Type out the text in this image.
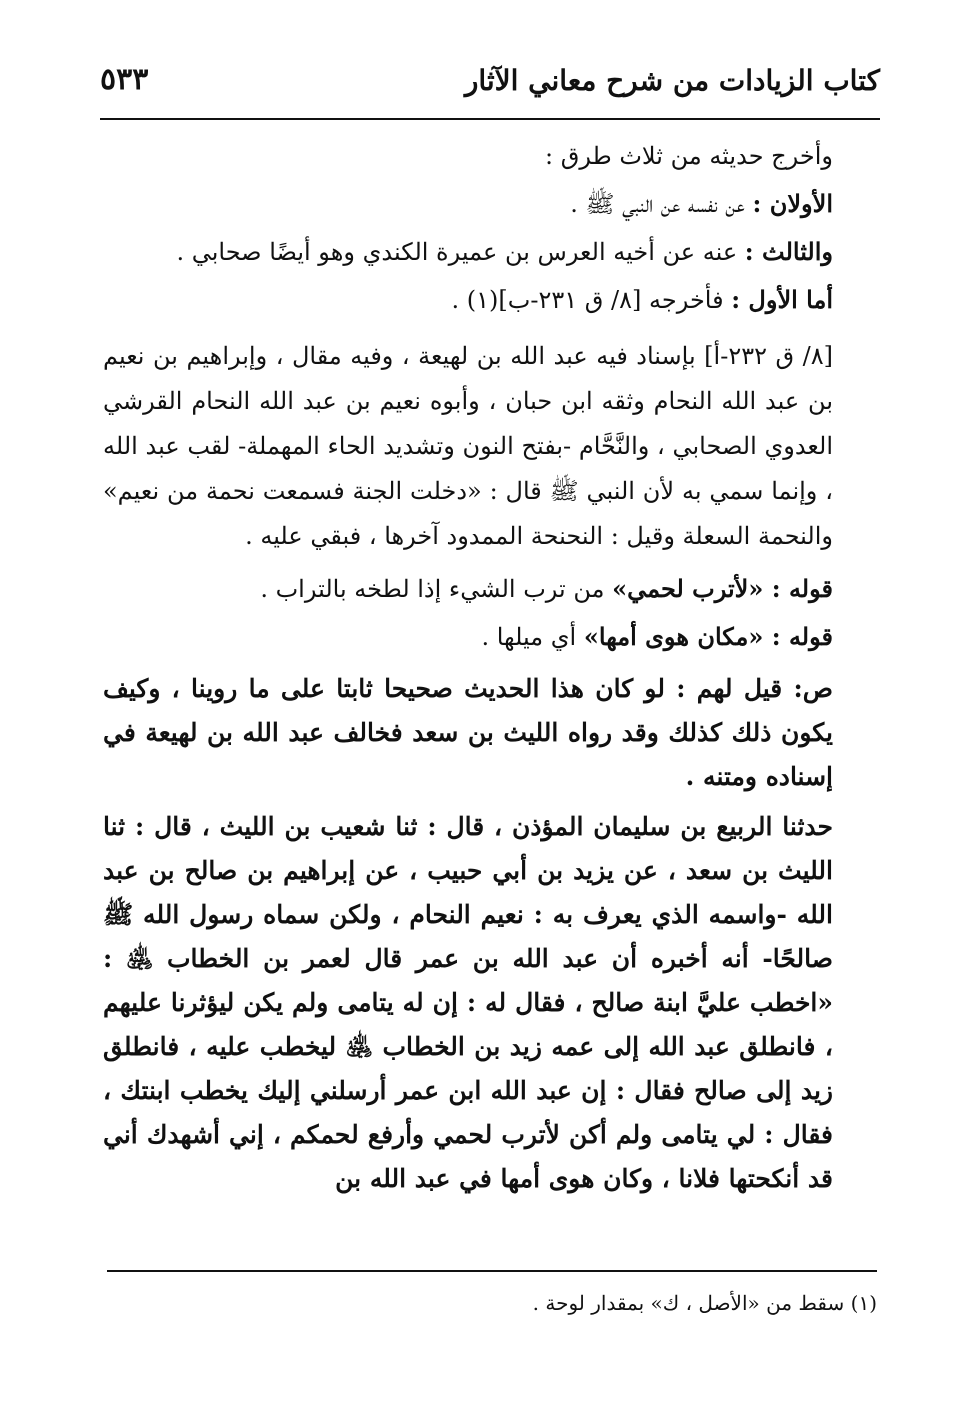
كتاب الزيادات من شرح معاني الآثار
٥٣٣
وأخرج حديثه من ثلاث طرق :
الأولان : عن نفسه عن النبي ﷺ .
والثالث : عنه عن أخيه العرس بن عميرة الكندي وهو أيضًا صحابي .
أما الأول : فأخرجه [٨/ ق ٢٣١-ب](١) .
[٨/ ق ٢٣٢-أ] بإسناد فيه عبد الله بن لهيعة ، وفيه مقال ، وإبراهيم بن نعيم بن عبد الله النحام وثقه ابن حبان ، وأبوه نعيم بن عبد الله النحام القرشي العدوي الصحابي ، والنَّحَّام -بفتح النون وتشديد الحاء المهملة- لقب عبد الله ، وإنما سمي به لأن النبي ﷺ قال : «دخلت الجنة فسمعت نحمة من نعيم» والنحمة السعلة وقيل : النحنحة الممدود آخرها ، فبقي عليه .
قوله : «لأترب لحمي» من ترب الشيء إذا لطخه بالتراب .
قوله : «مكان هوى أمها» أي ميلها .
ص: قيل لهم : لو كان هذا الحديث صحيحا ثابتا على ما روينا ، وكيف يكون ذلك كذلك وقد رواه الليث بن سعد فخالف عبد الله بن لهيعة في إسناده ومتنه .
حدثنا الربيع بن سليمان المؤذن ، قال : ثنا شعيب بن الليث ، قال : ثنا الليث بن سعد ، عن يزيد بن أبي حبيب ، عن إبراهيم بن صالح بن عبد الله -واسمه الذي يعرف به : نعيم النحام ، ولكن سماه رسول الله ﷺ صالحًا- أنه أخبره أن عبد الله بن عمر قال لعمر بن الخطاب ﵁ : «اخطب عليَّ ابنة صالح ، فقال له : إن له يتامى ولم يكن ليؤثرنا عليهم ، فانطلق عبد الله إلى عمه زيد بن الخطاب ﵁ ليخطب عليه ، فانطلق زيد إلى صالح فقال : إن عبد الله ابن عمر أرسلني إليك يخطب ابنتك ، فقال : لي يتامى ولم أكن لأترب لحمي وأرفع لحمكم ، إني أشهدك أني قد أنكحتها فلانا ، وكان هوى أمها في عبد الله بن
(١) سقط من «الأصل ، ك» بمقدار لوحة .
